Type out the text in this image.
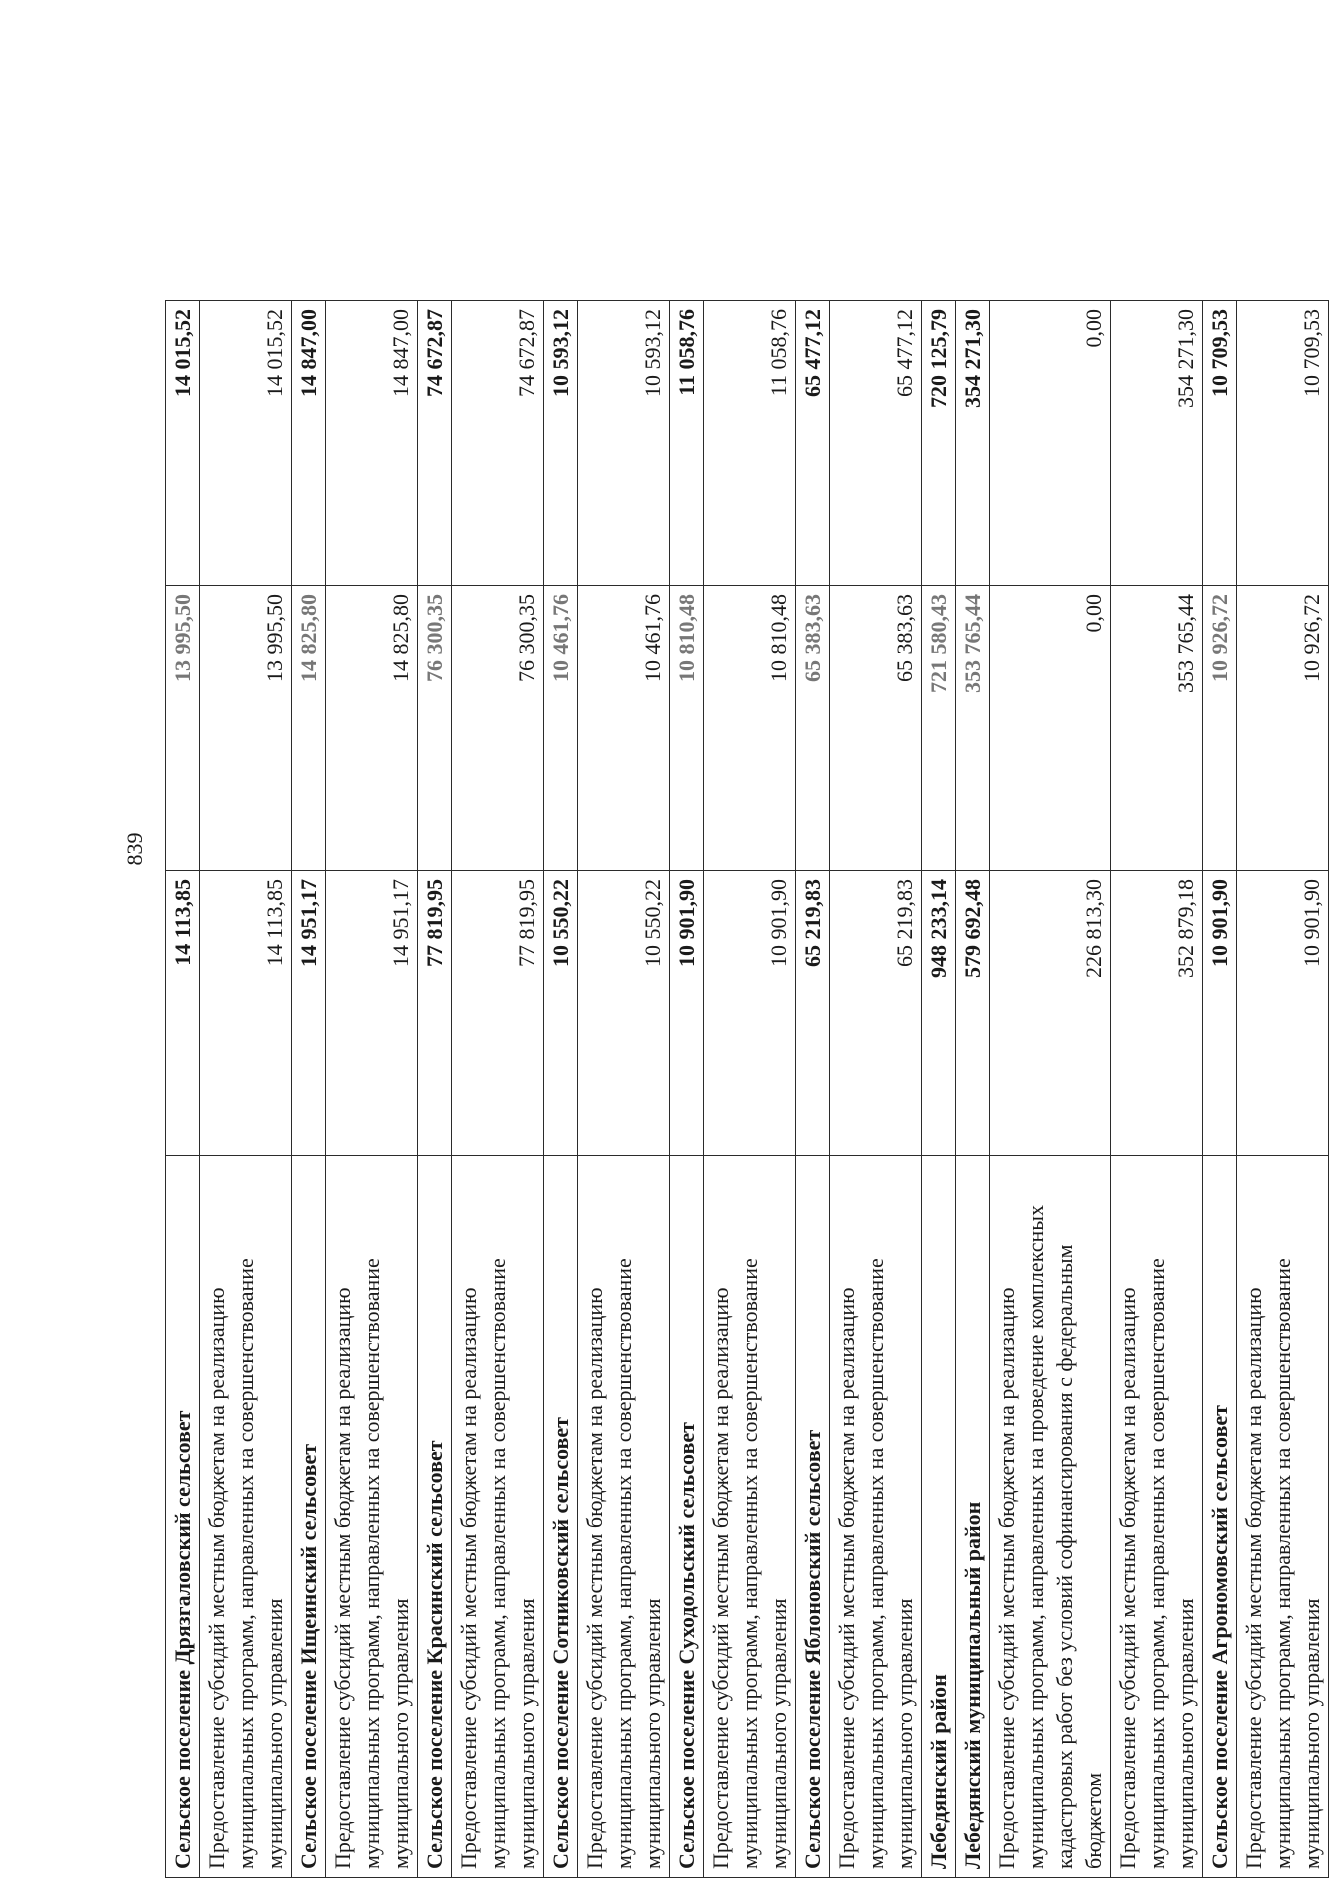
839
Сельское поселение Дрязгаловский сельсовет	14 113,85	13 995,50	14 015,52
Предоставление субсидий местным бюджетам на реализацию муниципальных программ, направленных на совершенствование муниципального управления	14 113,85	13 995,50	14 015,52
Сельское поселение Ищеинский сельсовет	14 951,17	14 825,80	14 847,00
Предоставление субсидий местным бюджетам на реализацию муниципальных программ, направленных на совершенствование муниципального управления	14 951,17	14 825,80	14 847,00
Сельское поселение Красинский сельсовет	77 819,95	76 300,35	74 672,87
Предоставление субсидий местным бюджетам на реализацию муниципальных программ, направленных на совершенствование муниципального управления	77 819,95	76 300,35	74 672,87
Сельское поселение Сотниковский сельсовет	10 550,22	10 461,76	10 593,12
Предоставление субсидий местным бюджетам на реализацию муниципальных программ, направленных на совершенствование муниципального управления	10 550,22	10 461,76	10 593,12
Сельское поселение Суходольский сельсовет	10 901,90	10 810,48	11 058,76
Предоставление субсидий местным бюджетам на реализацию муниципальных программ, направленных на совершенствование муниципального управления	10 901,90	10 810,48	11 058,76
Сельское поселение Яблоновский сельсовет	65 219,83	65 383,63	65 477,12
Предоставление субсидий местным бюджетам на реализацию муниципальных программ, направленных на совершенствование муниципального управления	65 219,83	65 383,63	65 477,12
Лебедянский район	948 233,14	721 580,43	720 125,79
Лебедянский муниципальный район	579 692,48	353 765,44	354 271,30
Предоставление субсидий местным бюджетам на реализацию муниципальных программ, направленных на проведение комплексных кадастровых работ без условий софинансирования с федеральным бюджетом	226 813,30	0,00	0,00
Предоставление субсидий местным бюджетам на реализацию муниципальных программ, направленных на совершенствование муниципального управления	352 879,18	353 765,44	354 271,30
Сельское поселение Агрономовский сельсовет	10 901,90	10 926,72	10 709,53
Предоставление субсидий местным бюджетам на реализацию муниципальных программ, направленных на совершенствование муниципального управления	10 901,90	10 926,72	10 709,53
